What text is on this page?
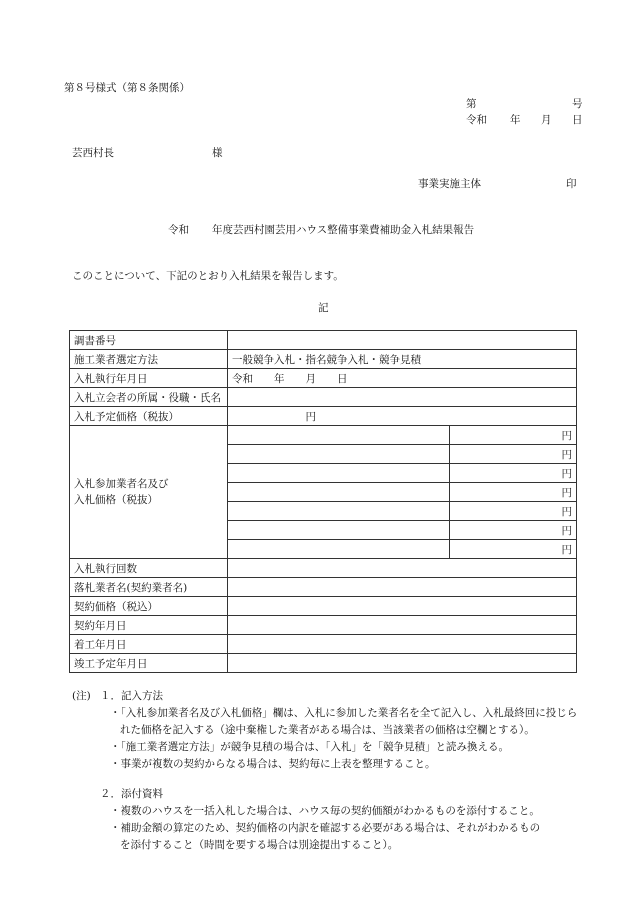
第８号様式（第８条関係）
第	号
令和 年 月 日
芸西村長	様
事業実施主体	印
令和 年度芸西村園芸用ハウス整備事業費補助金入札結果報告
このことについて、下記のとおり入札結果を報告します。
記
調書番号		
施工業者選定方法	一般競争入札・指名競争入札・競争見積	
入札執行年月日	令和　　年　　月　　日	
入札立会者の所属・役職・氏名		
入札予定価格（税抜）	　　　　　　　円	

入札参加業者名及び
入札価格（税抜）		円
		円
		円
		円
		円
		円
		円
入札執行回数		
落札業者名(契約業者名)		
契約価格（税込）		
契約年月日		
着工年月日		
竣工予定年月日		
(注) １．記入方法
・「入札参加業者名及び入札価格」欄は、入札に参加した業者名を全て記入し、入札最終回に投じら
れた価格を記入する（途中棄権した業者がある場合は、当該業者の価格は空欄とする）。
・「施工業者選定方法」が競争見積の場合は、「入札」を「競争見積」と読み換える。
・事業が複数の契約からなる場合は、契約毎に上表を整理すること。
２．添付資料
・複数のハウスを一括入札した場合は、ハウス毎の契約価額がわかるものを添付すること。
・補助金額の算定のため、契約価格の内訳を確認する必要がある場合は、それがわかるもの
を添付すること（時間を要する場合は別途提出すること）。
